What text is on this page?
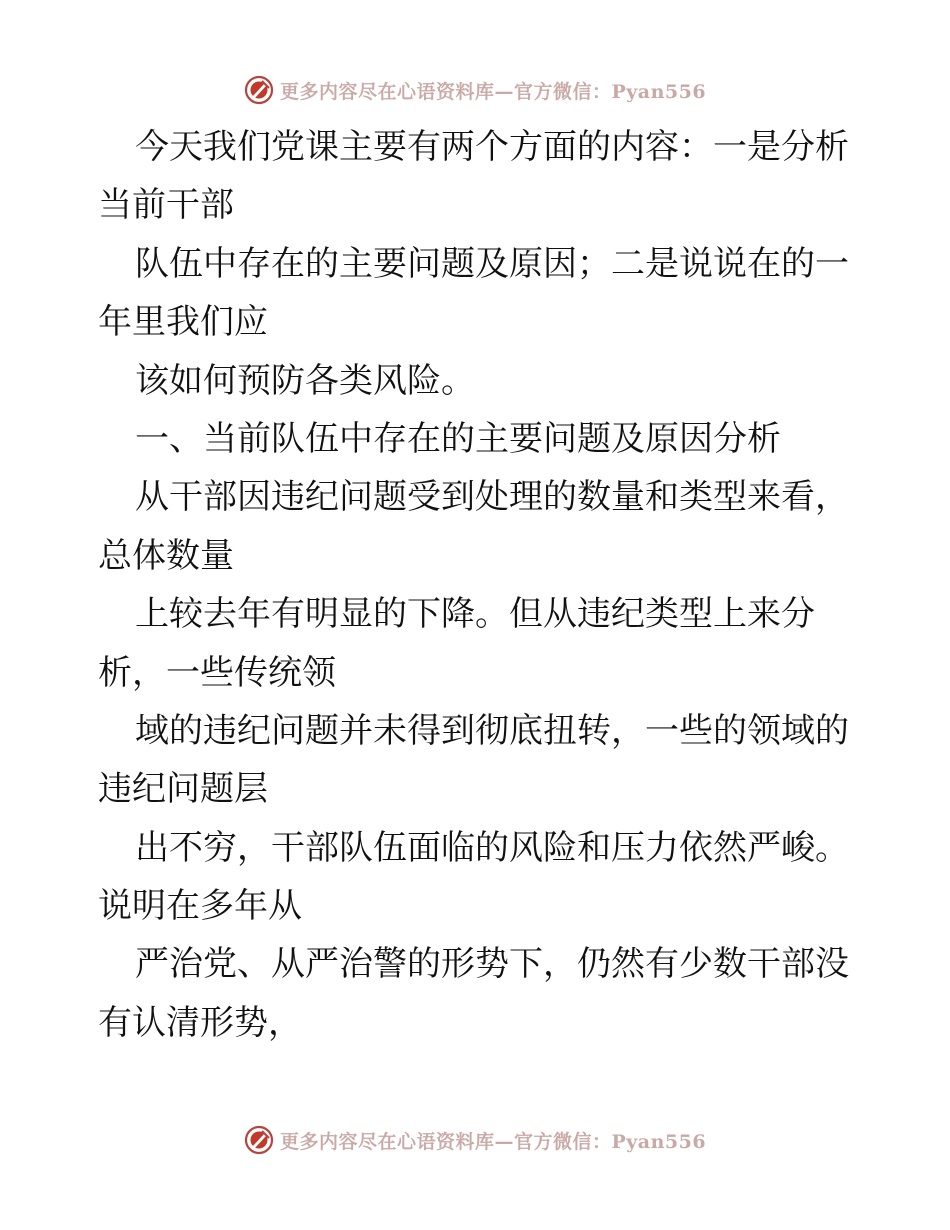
更多内容尽在心语资料库—官方微信：Pyan556
今天我们党课主要有两个方面的内容：一是分析
当前干部
队伍中存在的主要问题及原因；二是说说在的一
年里我们应
该如何预防各类风险。
一、当前队伍中存在的主要问题及原因分析
从干部因违纪问题受到处理的数量和类型来看，
总体数量
上较去年有明显的下降。但从违纪类型上来分
析，一些传统领
域的违纪问题并未得到彻底扭转，一些的领域的
违纪问题层
出不穷，干部队伍面临的风险和压力依然严峻。
说明在多年从
严治党、从严治警的形势下，仍然有少数干部没
有认清形势，
更多内容尽在心语资料库—官方微信：Pyan556
